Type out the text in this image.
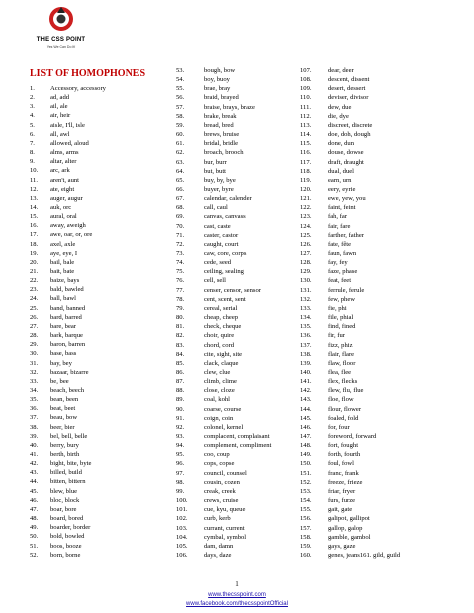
THE CSS POINT
Yes We Can Do It!
LIST OF HOMOPHONES
1. Accessory, accessory
2. ad, add
3. ail, ale
4. air, heir
5. aisle, I'll, isle
6. all, awl
7. allowed, aloud
8. alms, arms
9. altar, alter
10. arc, ark
11. aren't, aunt
12. ate, eight
13. auger, augur
14. auk, orc
15. aural, oral
16. away, aweigh
17. awe, oar, or, ore
18. axel, axle
19. aye, eye, I
20. bail, bale
21. bait, bate
22. baize, bays
23. bald, bawled
24. ball, bawl
25. band, banned
26. bard, barred
27. bare, bear
28. bark, barque
29. baron, barren
30. base, bass
31. bay, bey
32. bazaar, bizarre
33. be, bee
34. beach, beech
35. bean, been
36. beat, beet
37. beau, bow
38. beer, bier
39. bel, bell, belle
40. berry, bury
41. berth, birth
42. bight, bite, byte
43. billed, build
44. bitten, bittern
45. blew, blue
46. bloc, block
47. boar, bore
48. board, bored
49. boarder, border
50. bold, bowled
51. boos, booze
52. born, borne
53.	bough, bow
54.	boy, buoy
55.	brae, bray
56.	braid, brayed
57.	braise, brays, braze
58.	brake, break
59.	bread, bred
60.	brews, bruise
61.	bridal, bridle
62.	broach, brooch
63.	bur, burr
64.	but, butt
65.	buy, by, bye
66.	buyer, byre
67.	calendar, calender
68.	call, caul
69.	canvas, canvass
70.	cast, caste
71.	caster, castor
72.	caught, court
73.	caw, core, corps
74.	cede, seed
75.	ceiling, sealing
76.	cell, sell
77.	censer, censor, sensor
78.	cent, scent, sent
79.	cereal, serial
80.	cheap, cheep
81.	check, cheque
82.	choir, quire
83.	chord, cord
84.	cite, sight, site
85.	clack, claque
86.	clew, clue
87.	climb, clime
88.	close, cloze
89.	coal, kohl
90.	coarse, course
91.	coign, coin
92.	colonel, kernel
93.	complacent, complaisant
94.	complement, compliment
95.	coo, coup
96.	cops, copse
97.	council, counsel
98.	cousin, cozen
99.	creak, creek
100. crews, cruise
101. cue, kyu, queue
102. curb, kerb
103. currant, current
104. cymbal, symbol
105. dam, damn
106. days, daze
107. dear, deer
108. descent, dissent
109. desert, dessert
110.	deviser, divisor
111.	dew, due
112.	die, dye
113.	discreet, discrete
114.	doe, doh, dough
115.	done, dun
116.	douse, dowse
117.	draft, draught
118.	dual, duel
119.	earn, urn
120. eery, eyrie
121. ewe, yew, you
122. faint, feint
123. fah, far
124. fair, fare
125. farther, father
126. fate, fête
127. faun, fawn
128. fay, fey
129. faze, phase
130. feat, feet
131. ferrule, ferule
132. few, phew
133. fie, phi
134. file, phial
135. find, fined
136. fir, fur
137. fizz, phiz
138. flair, flare
139. flaw, floor
140. flea, flee
141. flex, flecks
142. flew, flu, flue
143. floe, flow
144. flour, flower
145. foaled, fold
146. for, four
147. foreword, forward
148. fort, fought
149. forth, fourth
150. foul, fowl
151. franc, frank
152. freeze, frieze
153. friar, fryer
154. furs, furze
155. gait, gate
156. galipot, gallipot
157. gallop, galop
158. gamble, gambol
159. gays, gaze
160. genes, jeans161. gild, guild
1
www.thecsspoint.com
www.facebook.com/thecsspointOfficial
